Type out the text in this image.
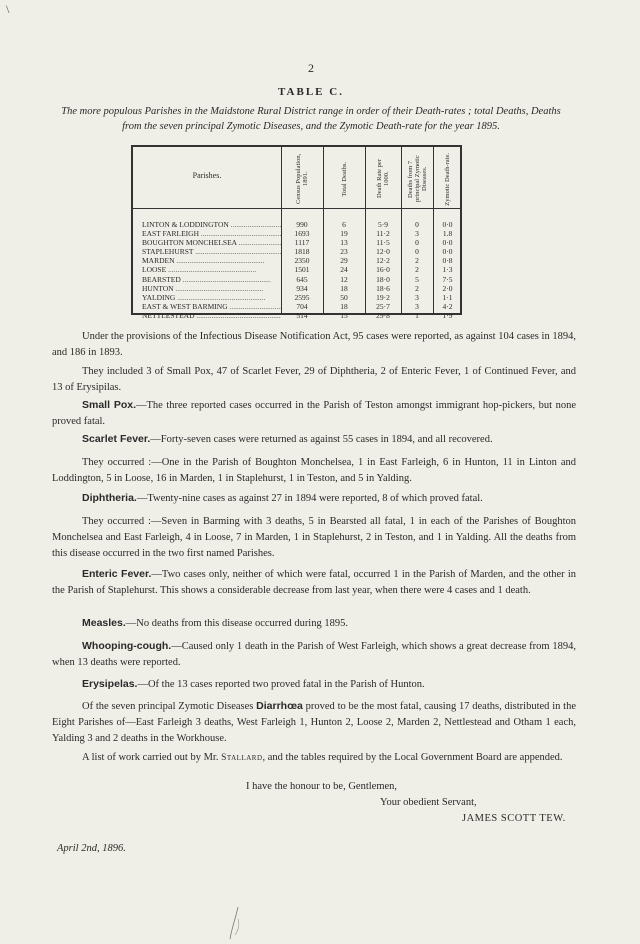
\
2
TABLE C.
The more populous Parishes in the Maidstone Rural District range in order of their Death-rates ; total Deaths, Deaths from the seven principal Zymotic Diseases, and the Zymotic Death-rate for the year 1895.
Parishes.	Census Population, 1891.	Total Deaths.	Death Rate per 1000.	Deaths from 7 principal Zymotic Diseases.	Zymotic Death-rate.
LINTON & LODDINGTON .....	990	6	5·9	0	0·0
EAST FARLEIGH .....	1693	19	11·2	3	1.8
BOUGHTON MONCHELSEA .....	1117	13	11·5	0	0·0
STAPLEHURST .....	1818	23	12·0	0	0·0
MARDEN .....	2350	29	12·2	2	0·8
LOOSE .....	1501	24	16·0	2	1·3
BEARSTED .....	645	12	18·0	5	7·5
HUNTON .....	934	18	18·6	2	2·0
YALDING .....	2595	50	19·2	3	1·1
EAST & WEST BARMING .....	704	18	25·7	3	4·2
NETTLESTEAD .....	514	15	29·8	1	1·9

Under the provisions of the Infectious Disease Notification Act, 95 cases were reported, as against 104 cases in 1894, and 186 in 1893.

They included 3 of Small Pox, 47 of Scarlet Fever, 29 of Diphtheria, 2 of Enteric Fever, 1 of Continued Fever, and 13 of Erysipilas.

Small Pox.—The three reported cases occurred in the Parish of Teston amongst immigrant hop-pickers, but none proved fatal.

Scarlet Fever.—Forty-seven cases were returned as against 55 cases in 1894, and all recovered.

They occurred :—One in the Parish of Boughton Monchelsea, 1 in East Farleigh, 6 in Hunton, 11 in Linton and Loddington, 5 in Loose, 16 in Marden, 1 in Staplehurst, 1 in Teston, and 5 in Yalding.

Diphtheria.—Twenty-nine cases as against 27 in 1894 were reported, 8 of which proved fatal.

They occurred :—Seven in Barming with 3 deaths, 5 in Bearsted all fatal, 1 in each of the Parishes of Boughton Monchelsea and East Farleigh, 4 in Loose, 7 in Marden, 1 in Staplehurst, 2 in Teston, and 1 in Yalding. All the deaths from this disease occurred in the two first named Parishes.

Enteric Fever.—Two cases only, neither of which were fatal, occurred 1 in the Parish of Marden, and the other in the Parish of Staplehurst. This shows a considerable decrease from last year, when there were 4 cases and 1 death.

Measles.—No deaths from this disease occurred during 1895.

Whooping-cough.—Caused only 1 death in the Parish of West Farleigh, which shows a great decrease from 1894, when 13 deaths were reported.

Erysipelas.—Of the 13 cases reported two proved fatal in the Parish of Hunton.

Of the seven principal Zymotic Diseases Diarrhœa proved to be the most fatal, causing 17 deaths, distributed in the Eight Parishes of—East Farleigh 3 deaths, West Farleigh 1, Hunton 2, Loose 2, Marden 2, Nettlestead and Otham 1 each, Yalding 3 and 2 deaths in the Workhouse.

A list of work carried out by Mr. Stallard, and the tables required by the Local Government Board are appended.

I have the honour to be, Gentlemen,
Your obedient Servant,
JAMES SCOTT TEW.
April 2nd, 1896.
